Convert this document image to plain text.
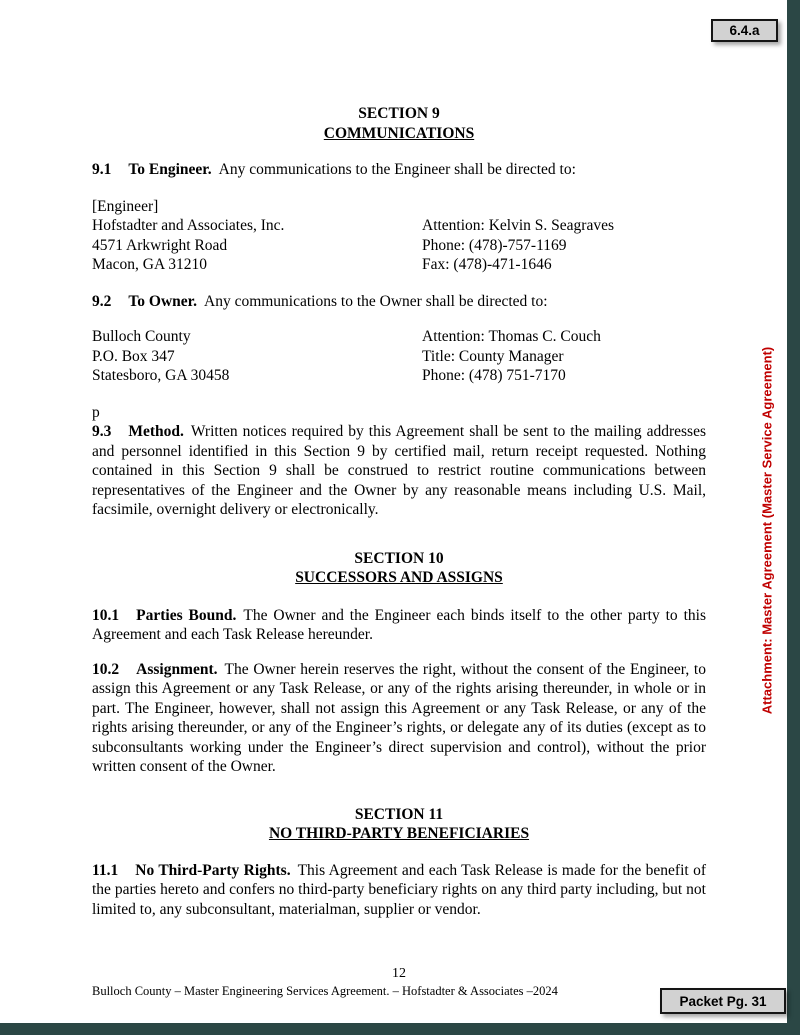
6.4.a
SECTION 9
COMMUNICATIONS

9.1 To Engineer. Any communications to the Engineer shall be directed to:

[Engineer]
Hofstadter and Associates, Inc.	Attention: Kelvin S. Seagraves
4571 Arkwright Road	Phone: (478)-757-1169
Macon, GA 31210	Fax: (478)-471-1646

9.2 To Owner. Any communications to the Owner shall be directed to:

Bulloch County	Attention: Thomas C. Couch
P.O. Box 347	Title: County Manager
Statesboro, GA 30458	Phone: (478) 751-7170
p

9.3 Method. Written notices required by this Agreement shall be sent to the mailing addresses and personnel identified in this Section 9 by certified mail, return receipt requested. Nothing contained in this Section 9 shall be construed to restrict routine communications between representatives of the Engineer and the Owner by any reasonable means including U.S. Mail, facsimile, overnight delivery or electronically.

SECTION 10
SUCCESSORS AND ASSIGNS

10.1 Parties Bound. The Owner and the Engineer each binds itself to the other party to this Agreement and each Task Release hereunder.

10.2 Assignment. The Owner herein reserves the right, without the consent of the Engineer, to assign this Agreement or any Task Release, or any of the rights arising thereunder, in whole or in part. The Engineer, however, shall not assign this Agreement or any Task Release, or any of the rights arising thereunder, or any of the Engineer’s rights, or delegate any of its duties (except as to subconsultants working under the Engineer’s direct supervision and control), without the prior written consent of the Owner.

SECTION 11
NO THIRD-PARTY BENEFICIARIES

11.1 No Third-Party Rights. This Agreement and each Task Release is made for the benefit of the parties hereto and confers no third-party beneficiary rights on any third party including, but not limited to, any subconsultant, materialman, supplier or vendor.

Attachment: Master Agreement (Master Service Agreement)
12
Bulloch County – Master Engineering Services Agreement. – Hofstadter & Associates –2024
Packet Pg. 31
